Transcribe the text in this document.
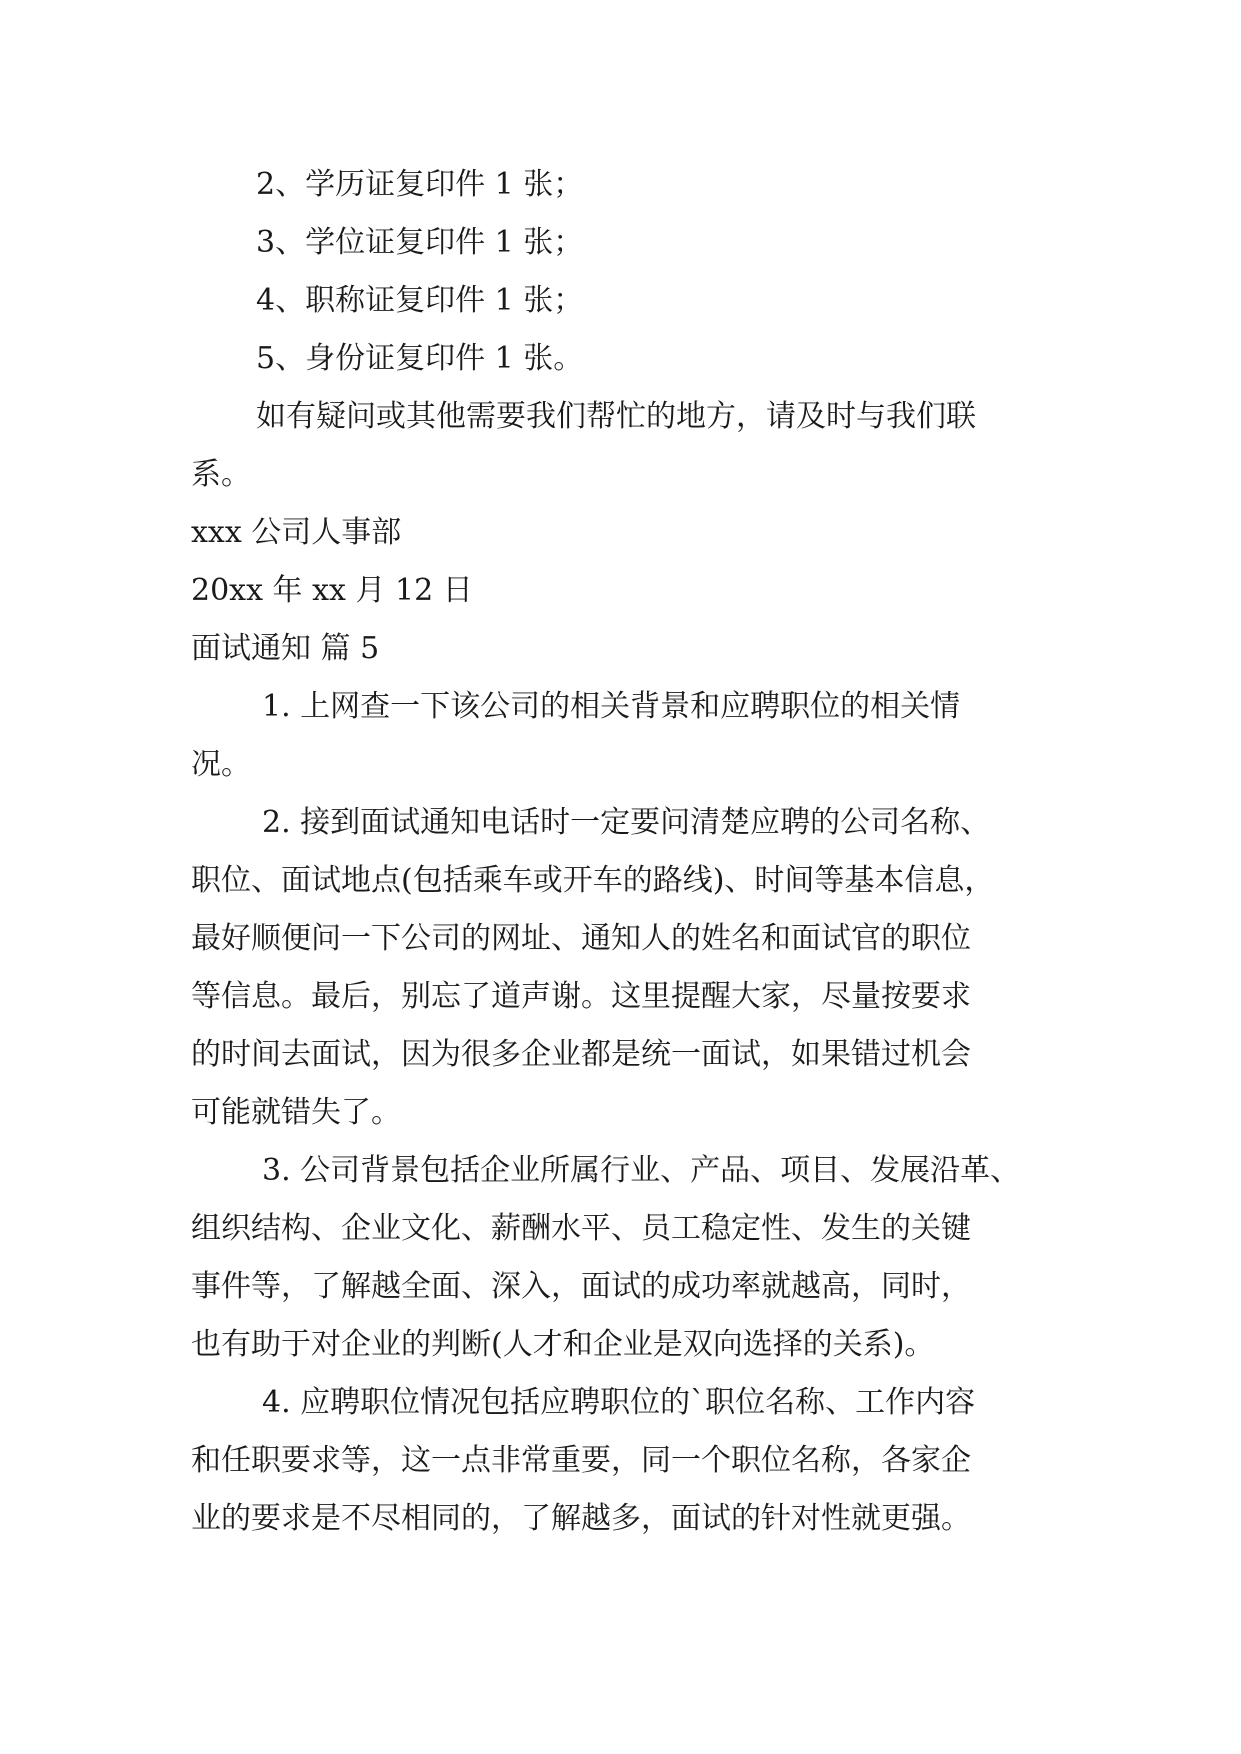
2、学历证复印件 1 张；
3、学位证复印件 1 张；
4、职称证复印件 1 张；
5、身份证复印件 1 张。
如有疑问或其他需要我们帮忙的地方，请及时与我们联
系。
xxx 公司人事部
20xx 年 xx 月 12 日
面试通知 篇 5
1. 上网查一下该公司的相关背景和应聘职位的相关情
况。
2. 接到面试通知电话时一定要问清楚应聘的公司名称、
职位、面试地点(包括乘车或开车的路线)、时间等基本信息，
最好顺便问一下公司的网址、通知人的姓名和面试官的职位
等信息。最后，别忘了道声谢。这里提醒大家，尽量按要求
的时间去面试，因为很多企业都是统一面试，如果错过机会
可能就错失了。
3. 公司背景包括企业所属行业、产品、项目、发展沿革、
组织结构、企业文化、薪酬水平、员工稳定性、发生的关键
事件等，了解越全面、深入，面试的成功率就越高，同时，
也有助于对企业的判断(人才和企业是双向选择的关系)。
4. 应聘职位情况包括应聘职位的`职位名称、工作内容
和任职要求等，这一点非常重要，同一个职位名称，各家企
业的要求是不尽相同的，了解越多，面试的针对性就更强。
